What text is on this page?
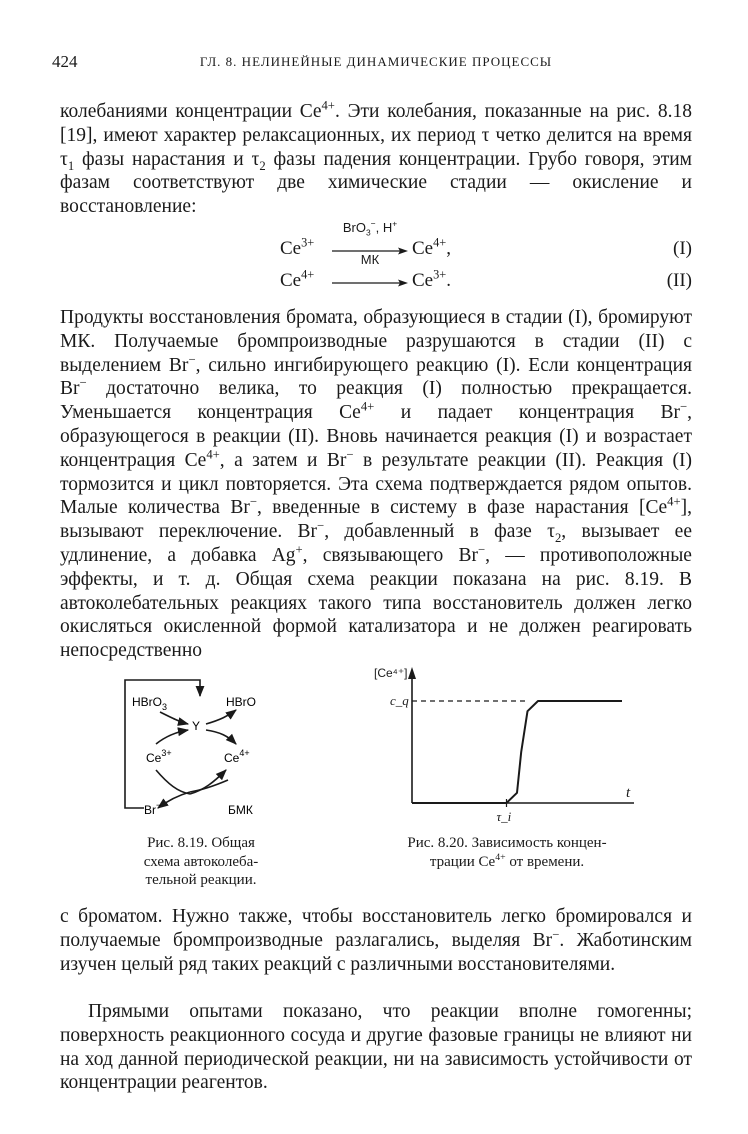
424	ГЛ. 8. НЕЛИНЕЙНЫЕ ДИНАМИЧЕСКИЕ ПРОЦЕССЫ
колебаниями концентрации $Ce^{4+}$. Эти колебания, показанные на рис. 8.18 [19], имеют характер релаксационных, их период τ четко делится на время $\tau_1$ фазы нарастания и $\tau_2$ фазы падения концентрации. Грубо говоря, этим фазам соответствуют две химические стадии — окисление и восстановление:
$Ce^{3+}$
BrO$_3$−, H+
→ $Ce^{4+}$,	(I)
$Ce^{4+}$
МК
→ $Ce^{3+}$.	(II)
Продукты восстановления бромата, образующиеся в стадии (I), бромируют МК. Получаемые бромпроизводные разрушаются в стадии (II) с выделением Br−, сильно ингибирующего реакцию (I). Если концентрация Br− достаточно велика, то реакция (I) полностью прекращается. Уменьшается концентрация $Ce^{4+}$ и падает концентрация Br−, образующегося в реакции (II). Вновь начинается реакция (I) и возрастает концентрация $Ce^{4+}$, а затем и Br− в результате реакции (II). Реакция (I) тормозится и цикл повторяется. Эта схема подтверждается рядом опытов. Малые количества Br−, введенные в систему в фазе нарастания $[Ce^{4+}]$, вызывают переключение. Br−, добавленный в фазе $\tau_2$, вызывает ее удлинение, а добавка Ag+, связывающего Br−, — противоположные эффекты, и т. д. Общая схема реакции показана на рис. 8.19. В автоколебательных реакциях такого типа восстановитель должен легко окисляться окисленной формой катализатора и не должен реагировать непосредственно
HBrO$_3$	HBrO
Y
$Ce^{3+}$	$Ce^{4+}$
Br−	БМК
Рис. 8.19. Общая
схема автоколеба-
тельной реакции.
[Ce⁴⁺]
t
c_q
τ_i
Рис. 8.20. Зависимость концен-
трации $Ce^{4+}$ от времени.
с броматом. Нужно также, чтобы восстановитель легко бромировался и получаемые бромпроизводные разлагались, выделяя Br−. Жаботинским изучен целый ряд таких реакций с различными восстановителями.
Прямыми опытами показано, что реакции вполне гомогенны; поверхность реакционного сосуда и другие фазовые границы не влияют ни на ход данной периодической реакции, ни на зависимость устойчивости от концентрации реагентов.
